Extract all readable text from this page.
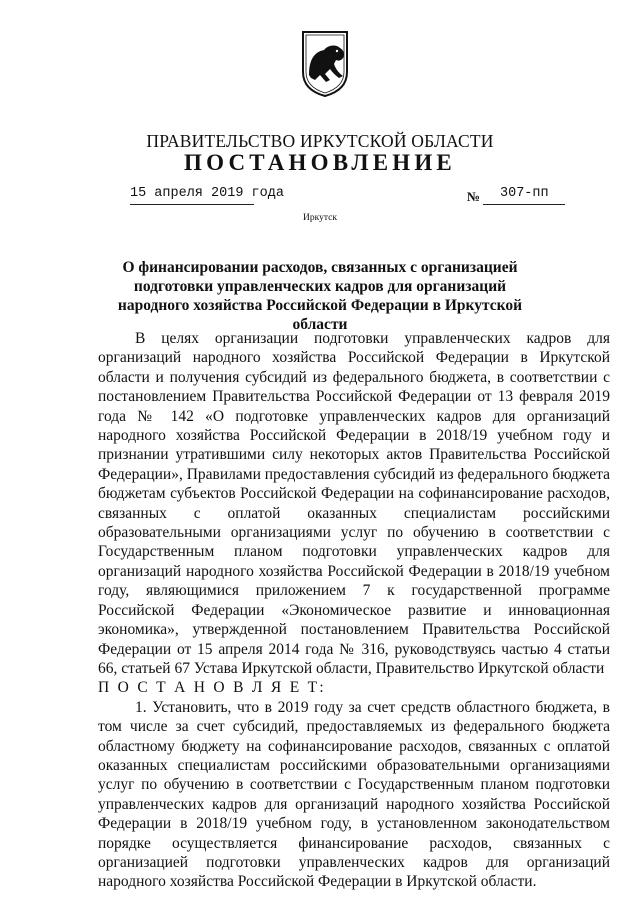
ПРАВИТЕЛЬСТВО ИРКУТСКОЙ ОБЛАСТИ
ПОСТАНОВЛЕНИЕ
15 апреля 2019 года	№ 307-пп
Иркутск
О финансировании расходов, связанных с организацией подготовки управленческих кадров для организаций народного хозяйства Российской Федерации в Иркутской области

В целях организации подготовки управленческих кадров для организаций народного хозяйства Российской Федерации в Иркутской области и получения субсидий из федерального бюджета, в соответствии с постановлением Правительства Российской Федерации от 13 февраля 2019 года № 142 «О подготовке управленческих кадров для организаций народного хозяйства Российской Федерации в 2018/19 учебном году и признании утратившими силу некоторых актов Правительства Российской Федерации», Правилами предоставления субсидий из федерального бюджета бюджетам субъектов Российской Федерации на софинансирование расходов, связанных с оплатой оказанных специалистам российскими образовательными организациями услуг по обучению в соответствии с Государственным планом подготовки управленческих кадров для организаций народного хозяйства Российской Федерации в 2018/19 учебном году, являющимися приложением 7 к государственной программе Российской Федерации «Экономическое развитие и инновационная экономика», утвержденной постановлением Правительства Российской Федерации от 15 апреля 2014 года № 316, руководствуясь частью 4 статьи 66, статьей 67 Устава Иркутской области, Правительство Иркутской области

П О С Т А Н О В Л Я Е Т:

1. Установить, что в 2019 году за счет средств областного бюджета, в том числе за счет субсидий, предоставляемых из федерального бюджета областному бюджету на софинансирование расходов, связанных с оплатой оказанных специалистам российскими образовательными организациями услуг по обучению в соответствии с Государственным планом подготовки управленческих кадров для организаций народного хозяйства Российской Федерации в 2018/19 учебном году, в установленном законодательством порядке осуществляется финансирование расходов, связанных с организацией подготовки управленческих кадров для организаций народного хозяйства Российской Федерации в Иркутской области.
